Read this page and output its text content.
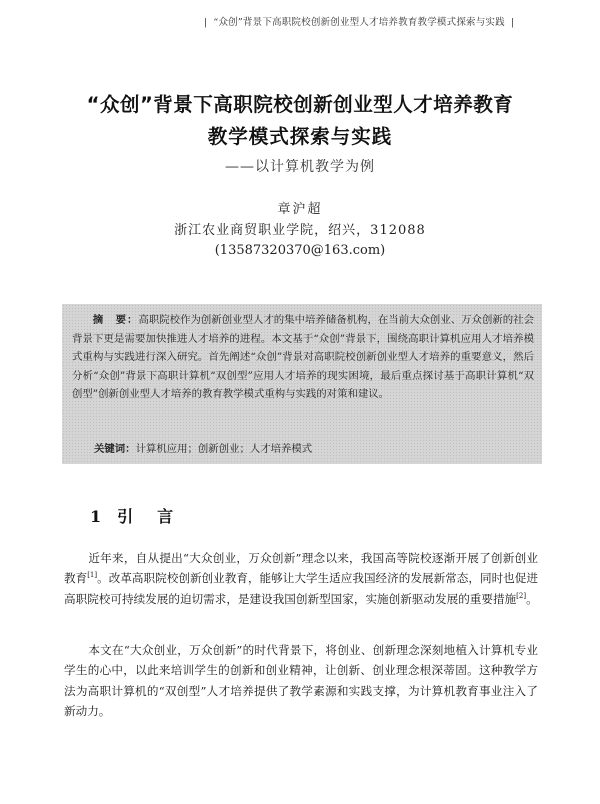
| “众创”背景下高职院校创新创业型人才培养教育教学模式探索与实践 |
“众创”背景下高职院校创新创业型人才培养教育
教学模式探索与实践
——以计算机教学为例
章沪超
浙江农业商贸职业学院，绍兴，312088
(13587320370@163.com)
摘　要：高职院校作为创新创业型人才的集中培养储备机构，在当前大众创业、万众创新的社会背景下更是需要加快推进人才培养的进程。本文基于“众创”背景下，围绕高职计算机应用人才培养模式重构与实践进行深入研究。首先阐述“众创”背景对高职院校创新创业型人才培养的重要意义，然后分析“众创”背景下高职计算机“双创型”应用人才培养的现实困境，最后重点探讨基于高职计算机“双创型”创新创业型人才培养的教育教学模式重构与实践的对策和建议。
关键词：计算机应用；创新创业；人才培养模式
1 引 言
近年来，自从提出“大众创业，万众创新”理念以来，我国高等院校逐渐开展了创新创业教育[1]。改革高职院校创新创业教育，能够让大学生适应我国经济的发展新常态，同时也促进高职院校可持续发展的迫切需求，是建设我国创新型国家，实施创新驱动发展的重要措施[2]。
本文在“大众创业，万众创新”的时代背景下，将创业、创新理念深刻地植入计算机专业学生的心中，以此来培训学生的创新和创业精神，让创新、创业理念根深蒂固。这种教学方法为高职计算机的“双创型”人才培养提供了教学素源和实践支撑，为计算机教育事业注入了新动力。
